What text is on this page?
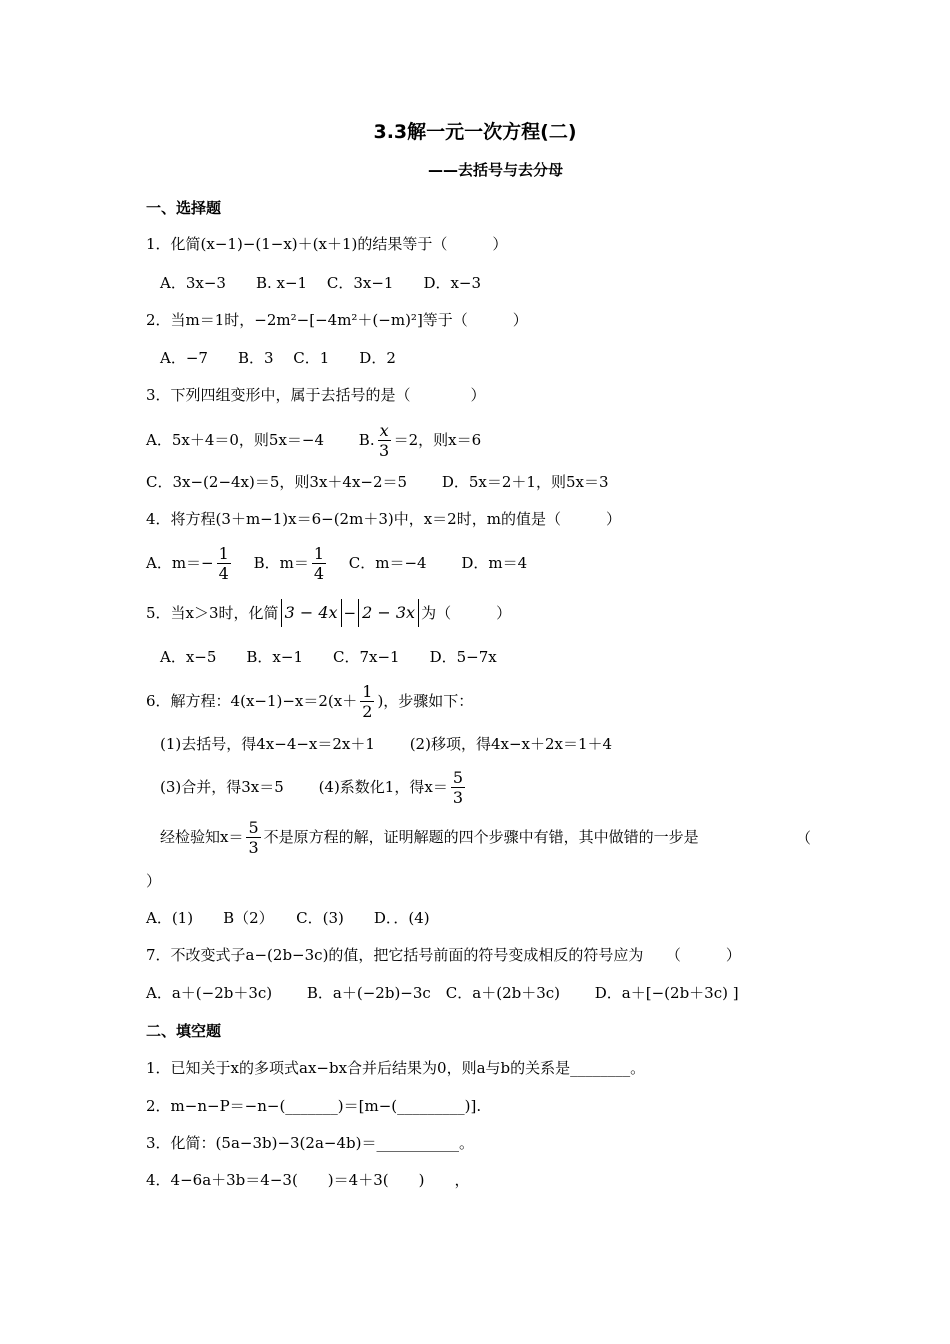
3.3解一元一次方程(二)
——去括号与去分母
一、选择题
1．化简(x−1)−(1−x)＋(x＋1)的结果等于（　　　）
A．3x−3　　B. x−1　 C．3x−1　　D．x−3
2．当m＝1时，−2m²−[−4m²＋(−m)²]等于（　　　）
A．−7　　B．3　 C．1　　D．2
3．下列四组变形中，属于去括号的是（　　　　）
A．5x＋4＝0，则5x＝−4　　 B. $\frac{x}{3} =2$，则x＝6
C．3x−(2−4x)＝5，则3x＋4x−2＝5　　 D．5x＝2＋1，则5x＝3
4．将方程(3＋m−1)x＝6−(2m＋3)中，x＝2时，m的值是（　　　）
A．$m=- \frac{1}{4}$ 　 B．$m= \frac{1}{4}$ 　 C．m＝−4　　 D．m＝4
5．当x＞3时，化简 3 − 4x − 2 − 3x 为（　　　）
A．x−5　　B．x−1　　C．7x−1　　D．5−7x
6．解方程：$4(x-1)-x=2(x+ \frac{1}{2}$ )，步骤如下：
(1)去括号，得4x−4−x＝2x＋1　　 (2)移项，得4x−x＋2x＝1＋4
(3)合并，得3x＝5　　 (4)系数化1，得$x= \frac{5}{3}$
经检验知$x= \frac{5}{3}$ 不是原方程的解，证明解题的四个步骤中有错，其中做错的一步是	（
）
A．(1)　　B（2）　　C．(3)　　D．．(4)
7．不改变式子a−(2b−3c)的值，把它括号前面的符号变成相反的符号应为　　（　　　）
A．a＋(−2b＋3c)　　 B．a＋(−2b)−3c　C．a＋(2b＋3c)　　 D．a＋[−(2b＋3c) ]
二、填空题
1．已知关于x的多项式ax−bx合并后结果为0，则a与b的关系是________。
2．m−n−P＝−n−(_______)＝[m−(_________)].
3．化简：(5a−3b)−3(2a−4b)＝___________。
4．4−6a＋3b＝4−3(　　)＝4＋3(　　)　　，
